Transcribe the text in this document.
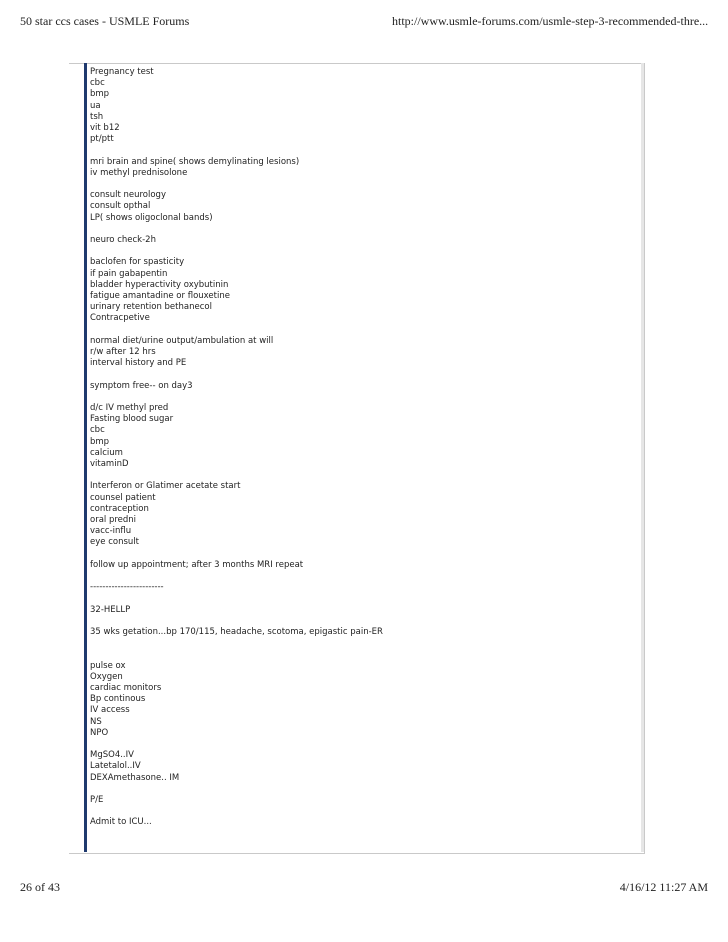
50 star ccs cases - USMLE Forums	http://www.usmle-forums.com/usmle-step-3-recommended-thre...
Pregnancy test
cbc
bmp
ua
tsh
vit b12
pt/ptt
mri brain and spine( shows demylinating lesions)
iv methyl prednisolone
consult neurology
consult opthal
LP( shows oligoclonal bands)
neuro check-2h
baclofen for spasticity
if pain gabapentin
bladder hyperactivity oxybutinin
fatigue amantadine or flouxetine
urinary retention bethanecol
Contracpetive
normal diet/urine output/ambulation at will
r/w after 12 hrs
interval history and PE
symptom free-- on day3
d/c IV methyl pred
Fasting blood sugar
cbc
bmp
calcium
vitaminD
Interferon or Glatimer acetate start
counsel patient
contraception
oral predni
vacc-influ
eye consult
follow up appointment; after 3 months MRI repeat
------------------------
32-HELLP
35 wks getation...bp 170/115, headache, scotoma, epigastic pain-ER
pulse ox
Oxygen
cardiac monitors
Bp continous
IV access
NS
NPO
MgSO4..IV
Latetalol..IV
DEXAmethasone.. IM
P/E
Admit to ICU...
26 of 43	4/16/12 11:27 AM
